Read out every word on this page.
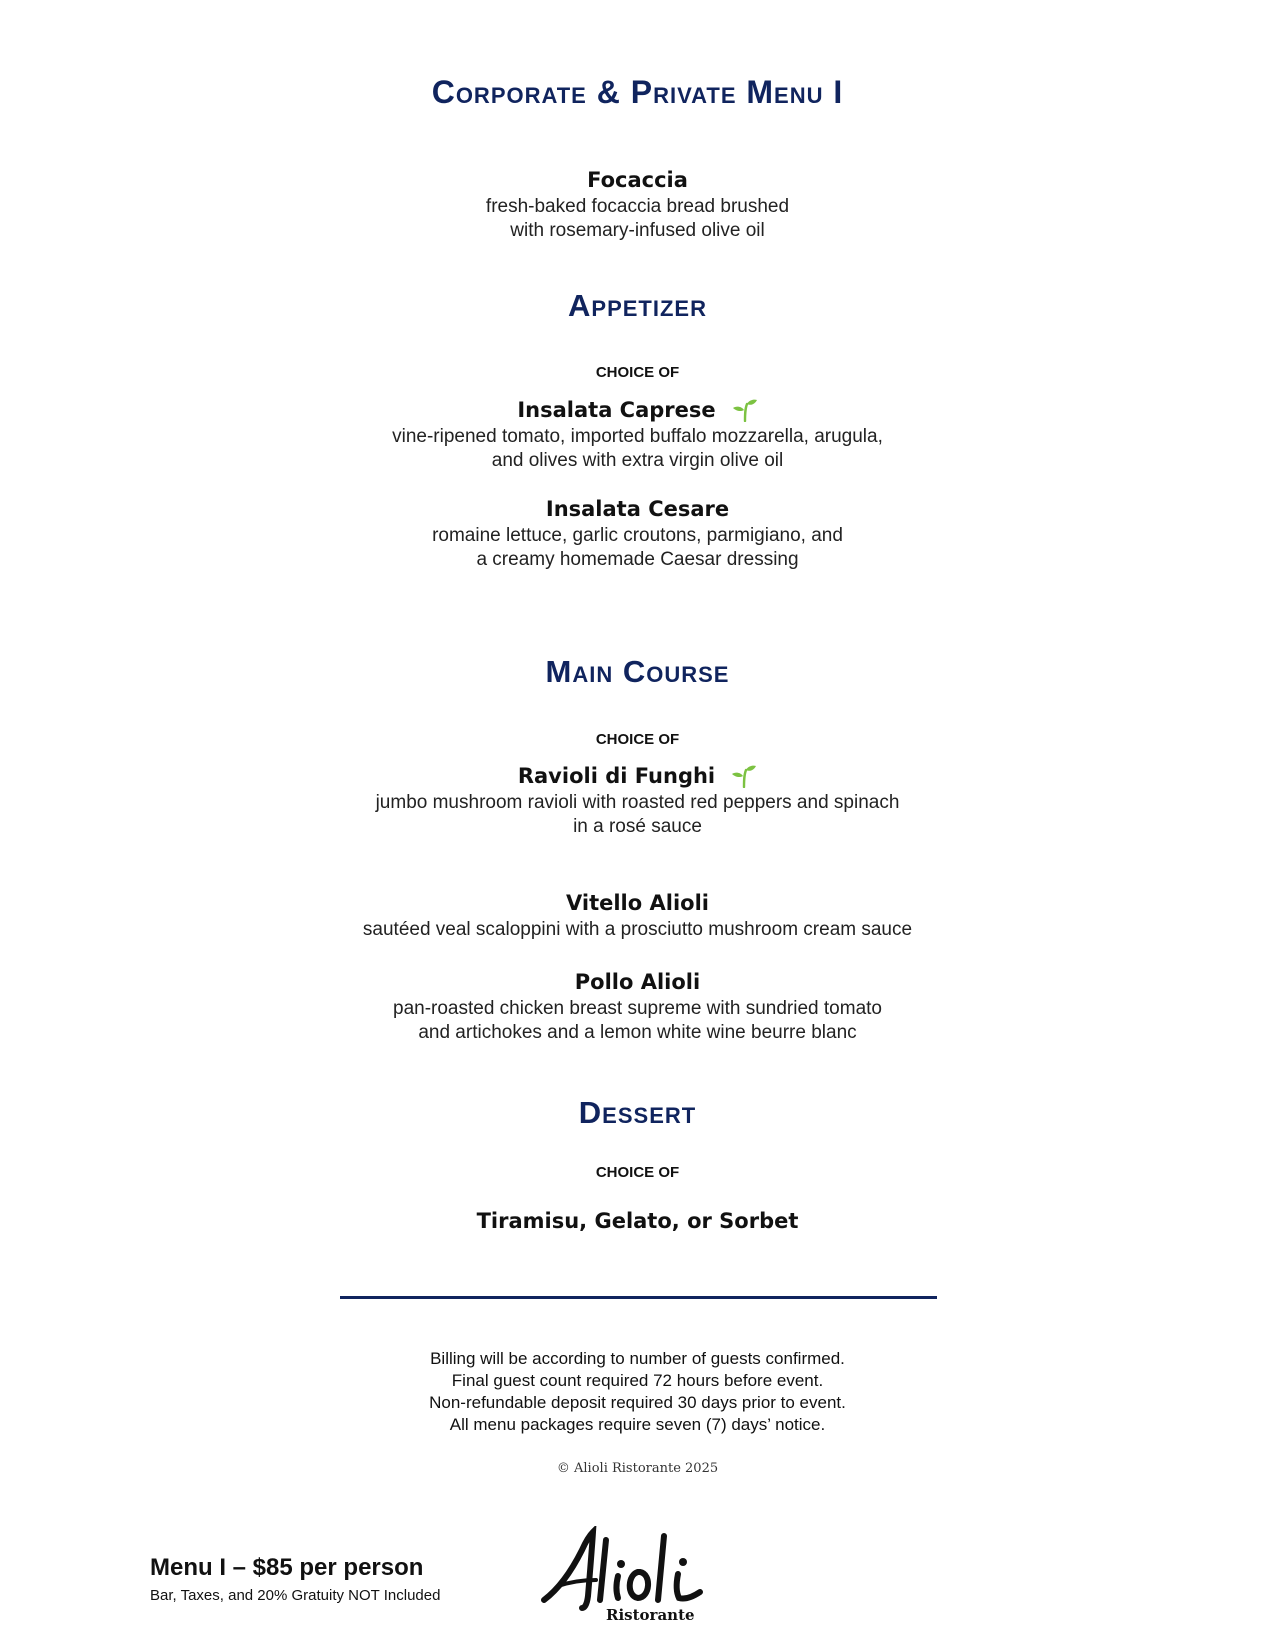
Corporate & Private Menu I
Focaccia
fresh-baked focaccia bread brushed
with rosemary-infused olive oil
Appetizer
CHOICE OF
Insalata Caprese
vine-ripened tomato, imported buffalo mozzarella, arugula,
and olives with extra virgin olive oil
Insalata Cesare
romaine lettuce, garlic croutons, parmigiano, and
a creamy homemade Caesar dressing
Main Course
CHOICE OF
Ravioli di Funghi
jumbo mushroom ravioli with roasted red peppers and spinach
in a rosé sauce
Vitello Alioli
sautéed veal scaloppini with a prosciutto mushroom cream sauce
Pollo Alioli
pan-roasted chicken breast supreme with sundried tomato
and artichokes and a lemon white wine beurre blanc
Dessert
CHOICE OF
Tiramisu, Gelato, or Sorbet
Billing will be according to number of guests confirmed.
Final guest count required 72 hours before event.
Non-refundable deposit required 30 days prior to event.
All menu packages require seven (7) days’ notice.
© Alioli Ristorante 2025
Menu I – $85 per person
Bar, Taxes, and 20% Gratuity NOT Included
Ristorante
